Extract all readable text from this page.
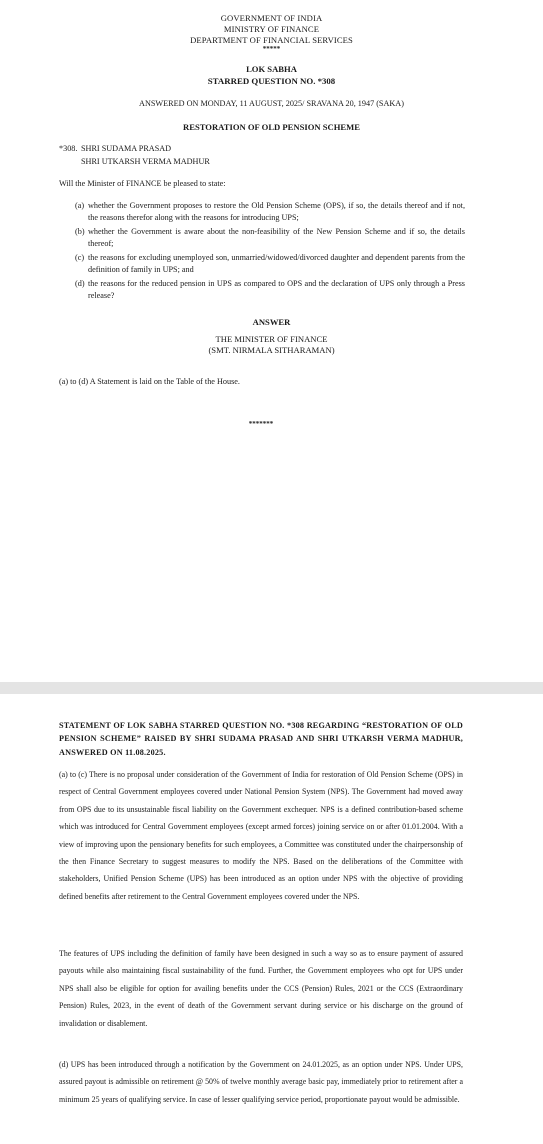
GOVERNMENT OF INDIA
MINISTRY OF FINANCE
DEPARTMENT OF FINANCIAL SERVICES
*****
LOK SABHA
STARRED QUESTION NO. *308
ANSWERED ON MONDAY, 11 AUGUST, 2025/ SRAVANA 20, 1947 (SAKA)
RESTORATION OF OLD PENSION SCHEME
*308. SHRI SUDAMA PRASAD
SHRI UTKARSH VERMA MADHUR
Will the Minister of FINANCE be pleased to state:
(a) whether the Government proposes to restore the Old Pension Scheme (OPS), if so, the details thereof and if not, the reasons therefor along with the reasons for introducing UPS;
(b) whether the Government is aware about the non-feasibility of the New Pension Scheme and if so, the details thereof;
(c) the reasons for excluding unemployed son, unmarried/widowed/divorced daughter and dependent parents from the definition of family in UPS; and
(d) the reasons for the reduced pension in UPS as compared to OPS and the declaration of UPS only through a Press release?
ANSWER
THE MINISTER OF FINANCE
(SMT. NIRMALA SITHARAMAN)
(a) to (d) A Statement is laid on the Table of the House.
*******
STATEMENT OF LOK SABHA STARRED QUESTION NO. *308 REGARDING “RESTORATION OF OLD PENSION SCHEME” RAISED BY SHRI SUDAMA PRASAD AND SHRI UTKARSH VERMA MADHUR, ANSWERED ON 11.08.2025.
(a) to (c) There is no proposal under consideration of the Government of India for restoration of Old Pension Scheme (OPS) in respect of Central Government employees covered under National Pension System (NPS). The Government had moved away from OPS due to its unsustainable fiscal liability on the Government exchequer. NPS is a defined contribution-based scheme which was introduced for Central Government employees (except armed forces) joining service on or after 01.01.2004. With a view of improving upon the pensionary benefits for such employees, a Committee was constituted under the chairpersonship of the then Finance Secretary to suggest measures to modify the NPS. Based on the deliberations of the Committee with stakeholders, Unified Pension Scheme (UPS) has been introduced as an option under NPS with the objective of providing defined benefits after retirement to the Central Government employees covered under the NPS.
The features of UPS including the definition of family have been designed in such a way so as to ensure payment of assured payouts while also maintaining fiscal sustainability of the fund. Further, the Government employees who opt for UPS under NPS shall also be eligible for option for availing benefits under the CCS (Pension) Rules, 2021 or the CCS (Extraordinary Pension) Rules, 2023, in the event of death of the Government servant during service or his discharge on the ground of invalidation or disablement.
(d) UPS has been introduced through a notification by the Government on 24.01.2025, as an option under NPS. Under UPS, assured payout is admissible on retirement @ 50% of twelve monthly average basic pay, immediately prior to retirement after a minimum 25 years of qualifying service. In case of lesser qualifying service period, proportionate payout would be admissible.
